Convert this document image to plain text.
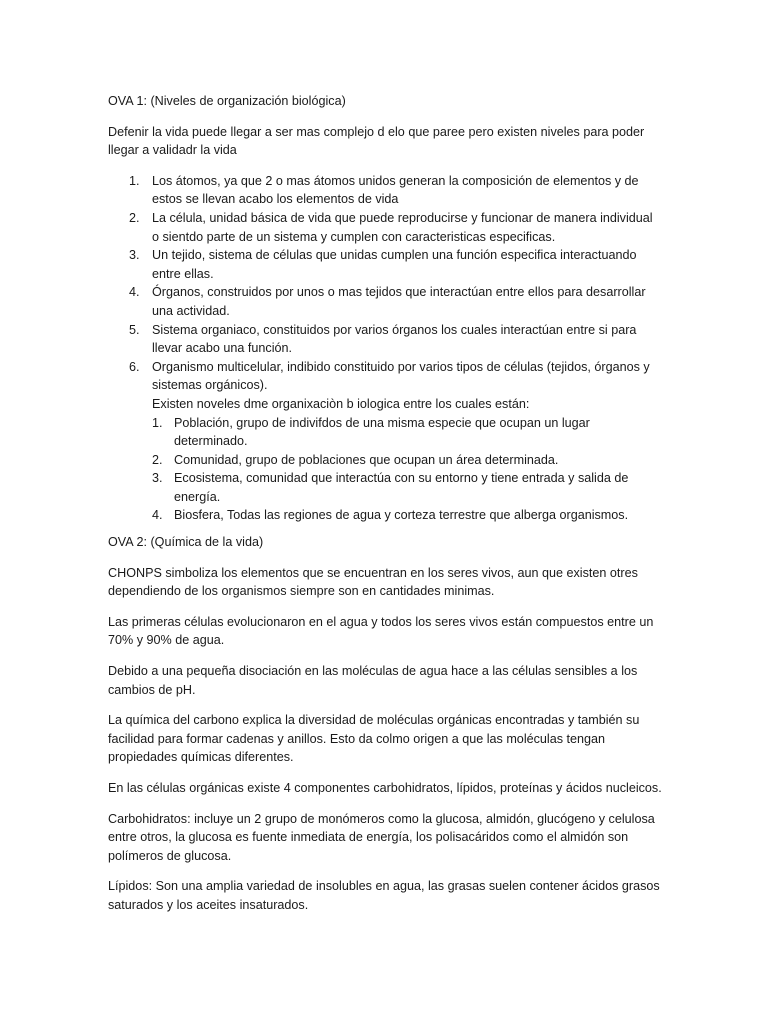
OVA 1: (Niveles de organización biológica)

Defenir la vida puede llegar a ser mas complejo d elo que paree pero existen niveles para poder llegar a validadr la vida

1. Los átomos, ya que 2 o mas átomos unidos generan la composición de elementos y de estos se llevan acabo los elementos de vida
2. La célula, unidad básica de vida que puede reproducirse y funcionar de manera individual o sientdo parte de un sistema y cumplen con caracteristicas especificas.
3. Un tejido, sistema de células que unidas cumplen una función especifica interactuando entre ellas.
4. Órganos, construidos por unos o mas tejidos que interactúan entre ellos para desarrollar una actividad.
5. Sistema organiaco, constituidos por varios órganos los cuales interactúan entre si para llevar acabo una función.
6. Organismo multicelular, indibido constituido por varios tipos de células (tejidos, órganos y sistemas orgánicos).
Existen noveles dme organixaciòn b iologica entre los cuales están:
1. Población, grupo de indivifdos de una misma especie que ocupan un lugar determinado.
2. Comunidad, grupo de poblaciones que ocupan un área determinada.
3. Ecosistema, comunidad que interactúa con su entorno y tiene entrada y salida de energía.
4. Biosfera, Todas las regiones de agua y corteza terrestre que alberga organismos.

OVA 2: (Química de la vida)

CHONPS simboliza los elementos que se encuentran en los seres vivos, aun que existen otres dependiendo de los organismos siempre son en cantidades minimas.

Las primeras células evolucionaron en el agua y todos los seres vivos están compuestos entre un 70% y 90% de agua.

Debido a una pequeña disociación en las moléculas de agua hace a las células sensibles a los cambios de pH.

La química del carbono explica la diversidad de moléculas orgánicas encontradas y también su facilidad para formar cadenas y anillos. Esto da colmo origen a que las moléculas tengan propiedades químicas diferentes.

En las células orgánicas existe 4 componentes carbohidratos, lípidos, proteínas y ácidos nucleicos.

Carbohidratos: incluye un 2 grupo de monómeros como la glucosa, almidón, glucógeno y celulosa entre otros, la glucosa es fuente inmediata de energía, los polisacáridos como el almidón son polímeros de glucosa.

Lípidos: Son una amplia variedad de insolubles en agua, las grasas suelen contener ácidos grasos saturados y los aceites insaturados.
